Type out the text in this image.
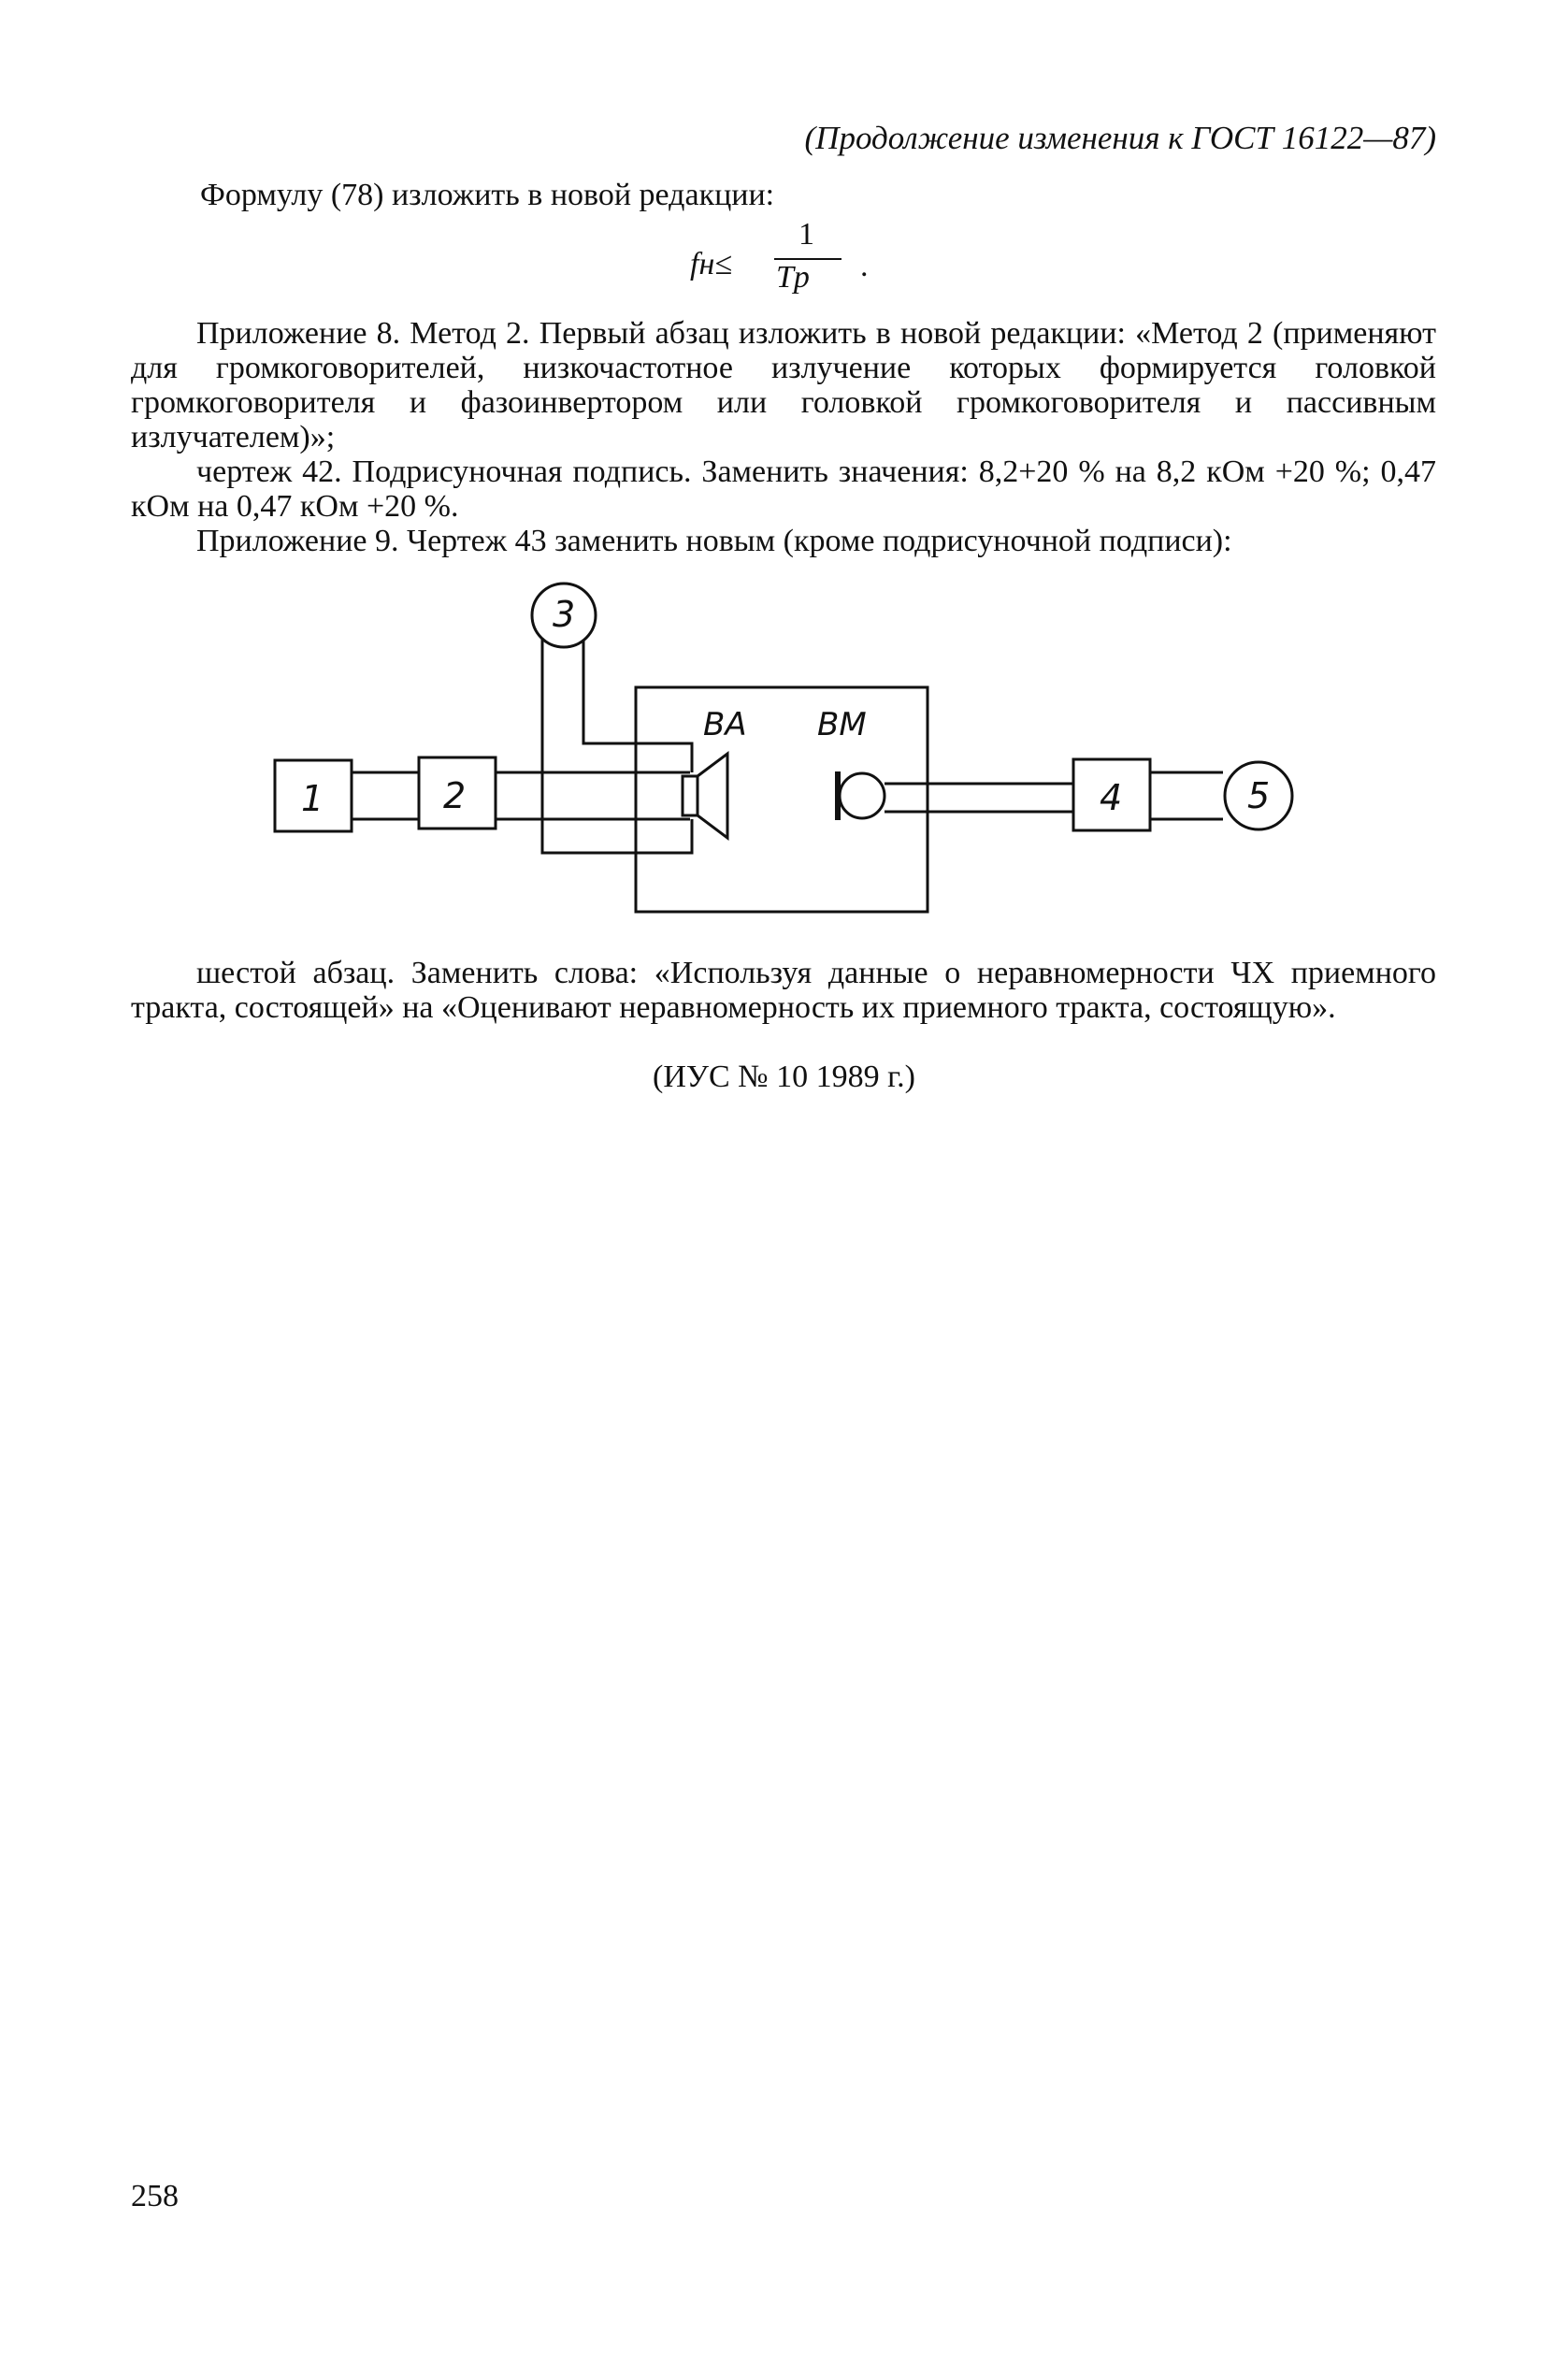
(Продолжение изменения к ГОСТ 16122—87)
Формулу (78) изложить в новой редакции:
fн≤
1
Tр .
Приложение 8. Метод 2. Первый абзац изложить в новой редакции: «Метод 2 (применяют для громкоговорителей, низкочастотное излучение которых формируется головкой громкоговорителя и фазоинвертором или головкой громкоговорителя и пассивным излучателем)»;
чертеж 42. Подрисуночная подпись. Заменить значения: 8,2+20 % на 8,2 кОм +20 %; 0,47 кОм на 0,47 кОм +20 %.
Приложение 9. Чертеж 43 заменить новым (кроме подрисуночной подписи):
1	2
3
4	5
BA BM
шестой абзац. Заменить слова: «Используя данные о неравномерности ЧХ приемного тракта, состоящей» на «Оценивают неравномерность их приемного тракта, состоящую».
(ИУС № 10 1989 г.)
258
